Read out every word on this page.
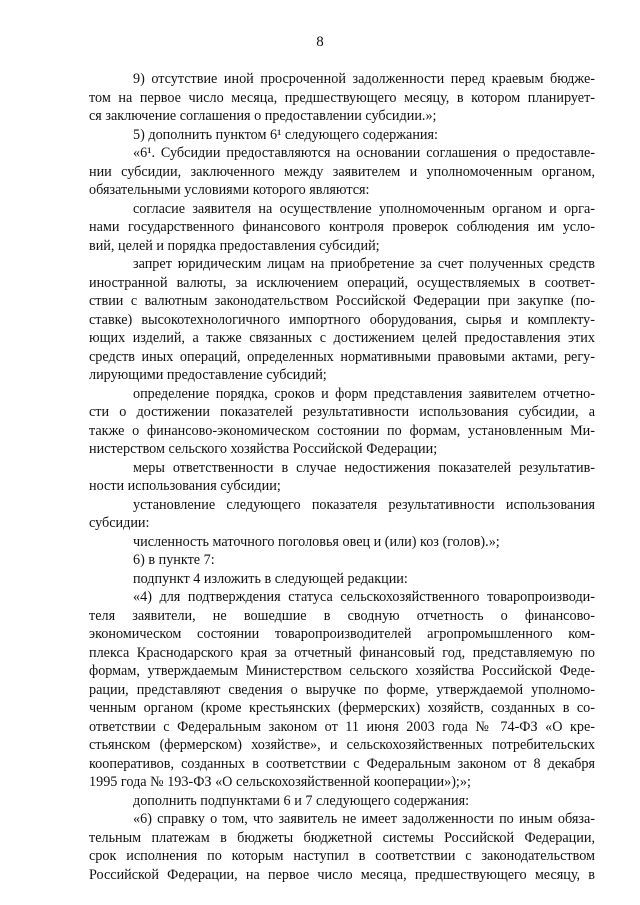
8
9) отсутствие иной просроченной задолженности перед краевым бюдже-
том на первое число месяца, предшествующего месяцу, в котором планирует-
ся заключение соглашения о предоставлении субсидии.»;
5) дополнить пунктом 6¹ следующего содержания:
«6¹. Субсидии предоставляются на основании соглашения о предоставле-
нии субсидии, заключенного между заявителем и уполномоченным органом,
обязательными условиями которого являются:
согласие заявителя на осуществление уполномоченным органом и орга-
нами государственного финансового контроля проверок соблюдения им усло-
вий, целей и порядка предоставления субсидий;
запрет юридическим лицам на приобретение за счет полученных средств
иностранной валюты, за исключением операций, осуществляемых в соответ-
ствии с валютным законодательством Российской Федерации при закупке (по-
ставке) высокотехнологичного импортного оборудования, сырья и комплекту-
ющих изделий, а также связанных с достижением целей предоставления этих
средств иных операций, определенных нормативными правовыми актами, регу-
лирующими предоставление субсидий;
определение порядка, сроков и форм представления заявителем отчетно-
сти о достижении показателей результативности использования субсидии, а
также о финансово-экономическом состоянии по формам, установленным Ми-
нистерством сельского хозяйства Российской Федерации;
меры ответственности в случае недостижения показателей результатив-
ности использования субсидии;
установление следующего показателя результативности использования
субсидии:
численность маточного поголовья овец и (или) коз (голов).»;
6) в пункте 7:
подпункт 4 изложить в следующей редакции:
«4) для подтверждения статуса сельскохозяйственного товаропроизводи-
теля заявители, не вошедшие в сводную отчетность о финансово-
экономическом состоянии товаропроизводителей агропромышленного ком-
плекса Краснодарского края за отчетный финансовый год, представляемую по
формам, утверждаемым Министерством сельского хозяйства Российской Феде-
рации, представляют сведения о выручке по форме, утверждаемой уполномо-
ченным органом (кроме крестьянских (фермерских) хозяйств, созданных в со-
ответствии с Федеральным законом от 11 июня 2003 года № 74-ФЗ «О кре-
стьянском (фермерском) хозяйстве», и сельскохозяйственных потребительских
кооперативов, созданных в соответствии с Федеральным законом от 8 декабря
1995 года № 193-ФЗ «О сельскохозяйственной кооперации»);»;
дополнить подпунктами 6 и 7 следующего содержания:
«6) справку о том, что заявитель не имеет задолженности по иным обяза-
тельным платежам в бюджеты бюджетной системы Российской Федерации,
срок исполнения по которым наступил в соответствии с законодательством
Российской Федерации, на первое число месяца, предшествующего месяцу, в
